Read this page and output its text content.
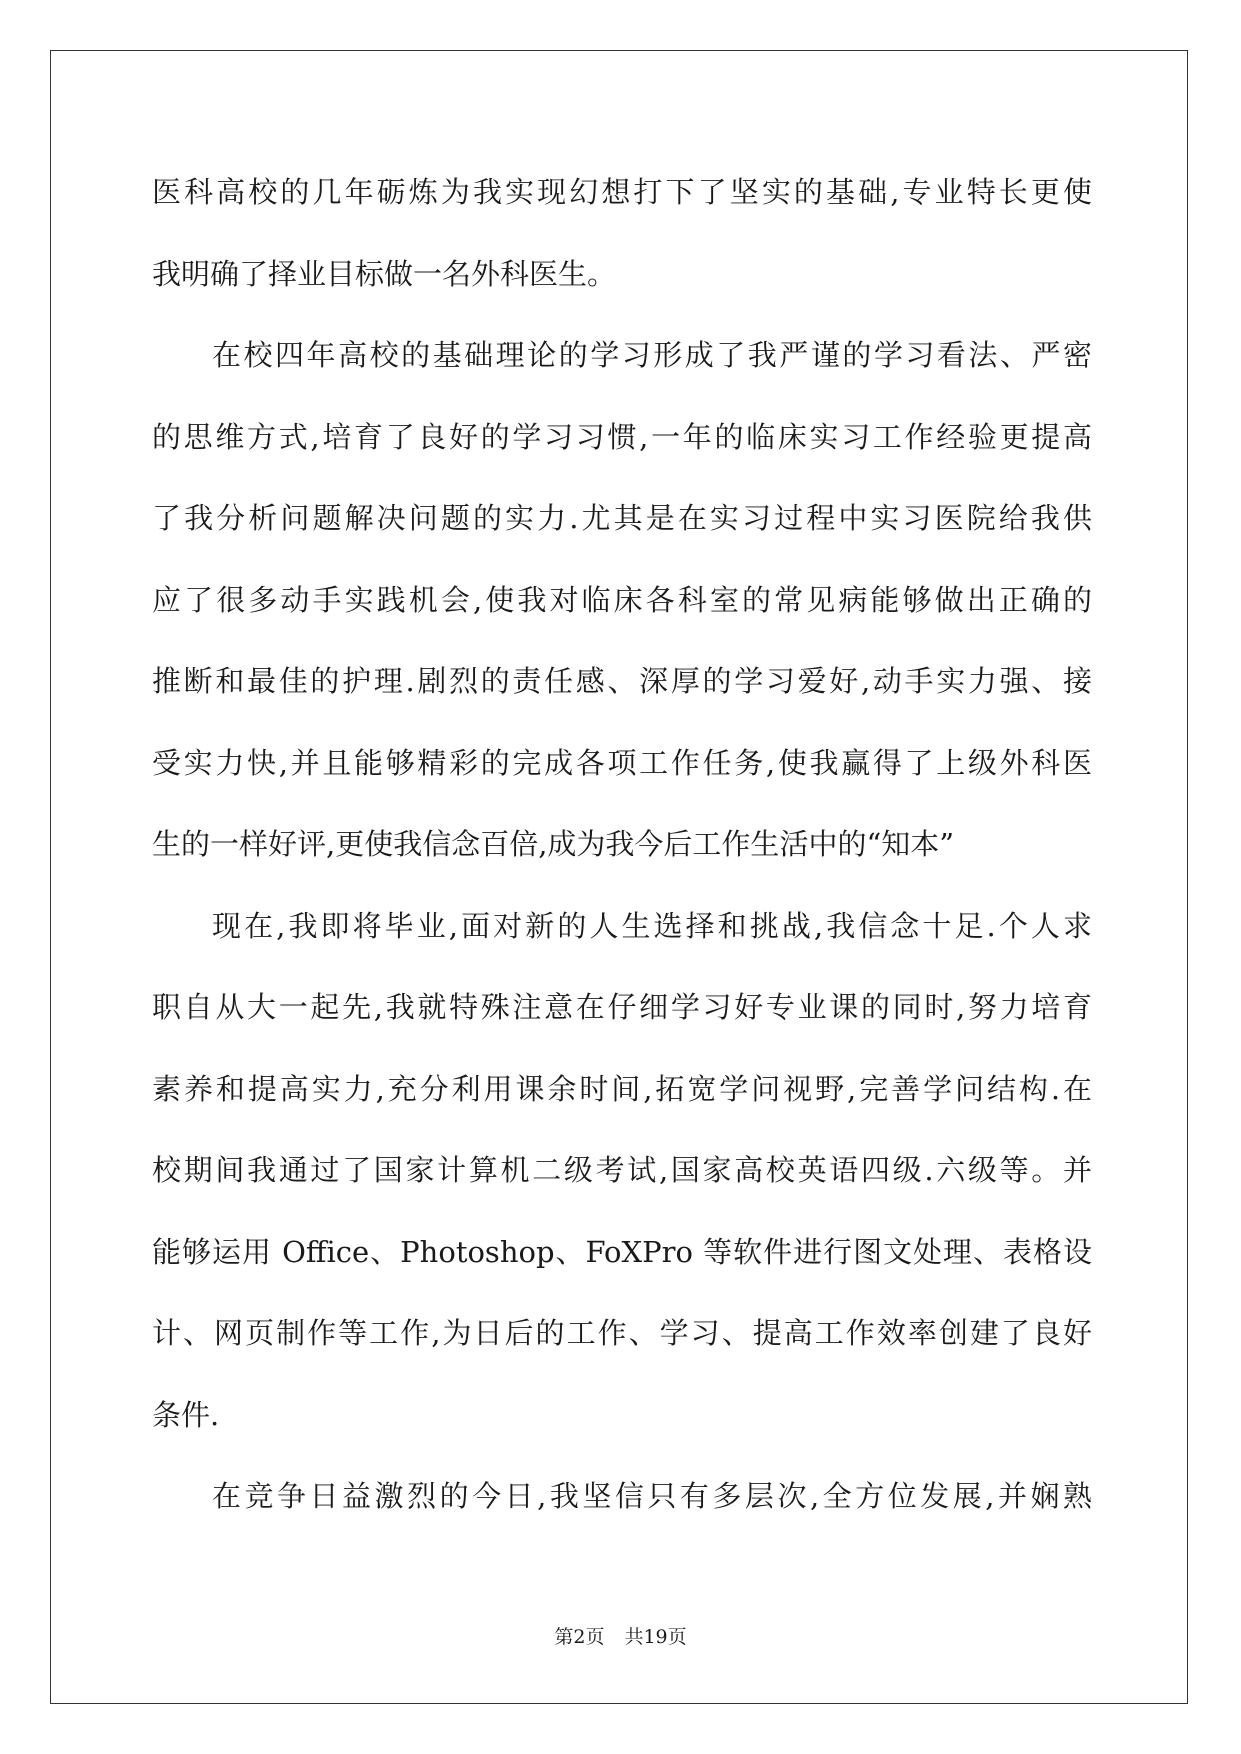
医科高校的几年砺炼为我实现幻想打下了坚实的基础,专业特长更使
我明确了择业目标做一名外科医生。
在校四年高校的基础理论的学习形成了我严谨的学习看法、严密
的思维方式,培育了良好的学习习惯,一年的临床实习工作经验更提高
了我分析问题解决问题的实力.尤其是在实习过程中实习医院给我供
应了很多动手实践机会,使我对临床各科室的常见病能够做出正确的
推断和最佳的护理.剧烈的责任感、深厚的学习爱好,动手实力强、接
受实力快,并且能够精彩的完成各项工作任务,使我赢得了上级外科医
生的一样好评,更使我信念百倍,成为我今后工作生活中的“知本”
现在,我即将毕业,面对新的人生选择和挑战,我信念十足.个人求
职自从大一起先,我就特殊注意在仔细学习好专业课的同时,努力培育
素养和提高实力,充分利用课余时间,拓宽学问视野,完善学问结构.在
校期间我通过了国家计算机二级考试,国家高校英语四级.六级等。并
能够运用 Office、Photoshop、FoXPro 等软件进行图文处理、表格设
计、网页制作等工作,为日后的工作、学习、提高工作效率创建了良好
条件.
在竞争日益激烈的今日,我坚信只有多层次,全方位发展,并娴熟
第2页 共19页
